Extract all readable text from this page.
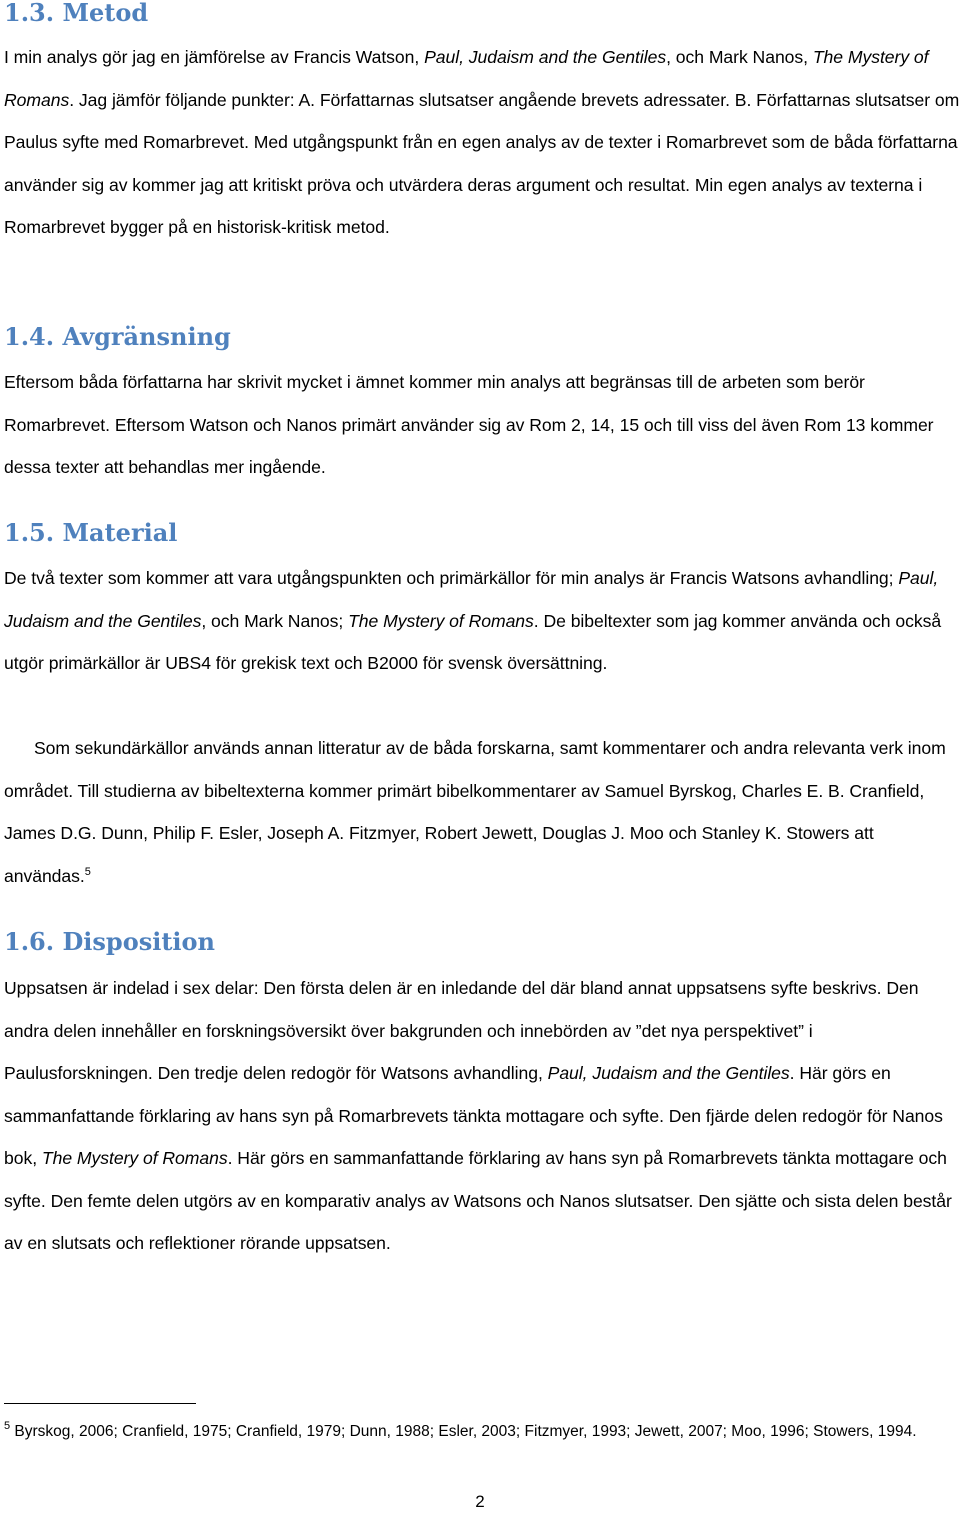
1.3. Metod

I min analys gör jag en jämförelse av Francis Watson, Paul, Judaism and the Gentiles, och Mark Nanos, The Mystery of Romans. Jag jämför följande punkter: A. Författarnas slutsatser angående brevets adressater. B. Författarnas slutsatser om Paulus syfte med Romarbrevet. Med utgångspunkt från en egen analys av de texter i Romarbrevet som de båda författarna använder sig av kommer jag att kritiskt pröva och utvärdera deras argument och resultat. Min egen analys av texterna i Romarbrevet bygger på en historisk-kritisk metod.

1.4. Avgränsning

Eftersom båda författarna har skrivit mycket i ämnet kommer min analys att begränsas till de arbeten som berör Romarbrevet. Eftersom Watson och Nanos primärt använder sig av Rom 2, 14, 15 och till viss del även Rom 13 kommer dessa texter att behandlas mer ingående.

1.5. Material

De två texter som kommer att vara utgångspunkten och primärkällor för min analys är Francis Watsons avhandling; Paul, Judaism and the Gentiles, och Mark Nanos; The Mystery of Romans. De bibeltexter som jag kommer använda och också utgör primärkällor är UBS4 för grekisk text och B2000 för svensk översättning.

Som sekundärkällor används annan litteratur av de båda forskarna, samt kommentarer och andra relevanta verk inom området. Till studierna av bibeltexterna kommer primärt bibelkommentarer av Samuel Byrskog, Charles E. B. Cranfield, James D.G. Dunn, Philip F. Esler, Joseph A. Fitzmyer, Robert Jewett, Douglas J. Moo och Stanley K. Stowers att användas.$^5$

1.6. Disposition

Uppsatsen är indelad i sex delar: Den första delen är en inledande del där bland annat uppsatsens syfte beskrivs. Den andra delen innehåller en forskningsöversikt över bakgrunden och innebörden av ”det nya perspektivet” i Paulusforskningen. Den tredje delen redogör för Watsons avhandling, Paul, Judaism and the Gentiles. Här görs en sammanfattande förklaring av hans syn på Romarbrevets tänkta mottagare och syfte. Den fjärde delen redogör för Nanos bok, The Mystery of Romans. Här görs en sammanfattande förklaring av hans syn på Romarbrevets tänkta mottagare och syfte. Den femte delen utgörs av en komparativ analys av Watsons och Nanos slutsatser. Den sjätte och sista delen består av en slutsats och reflektioner rörande uppsatsen.

$^5$ Byrskog, 2006; Cranfield, 1975; Cranfield, 1979; Dunn, 1988; Esler, 2003; Fitzmyer, 1993; Jewett, 2007; Moo, 1996; Stowers, 1994.

2
